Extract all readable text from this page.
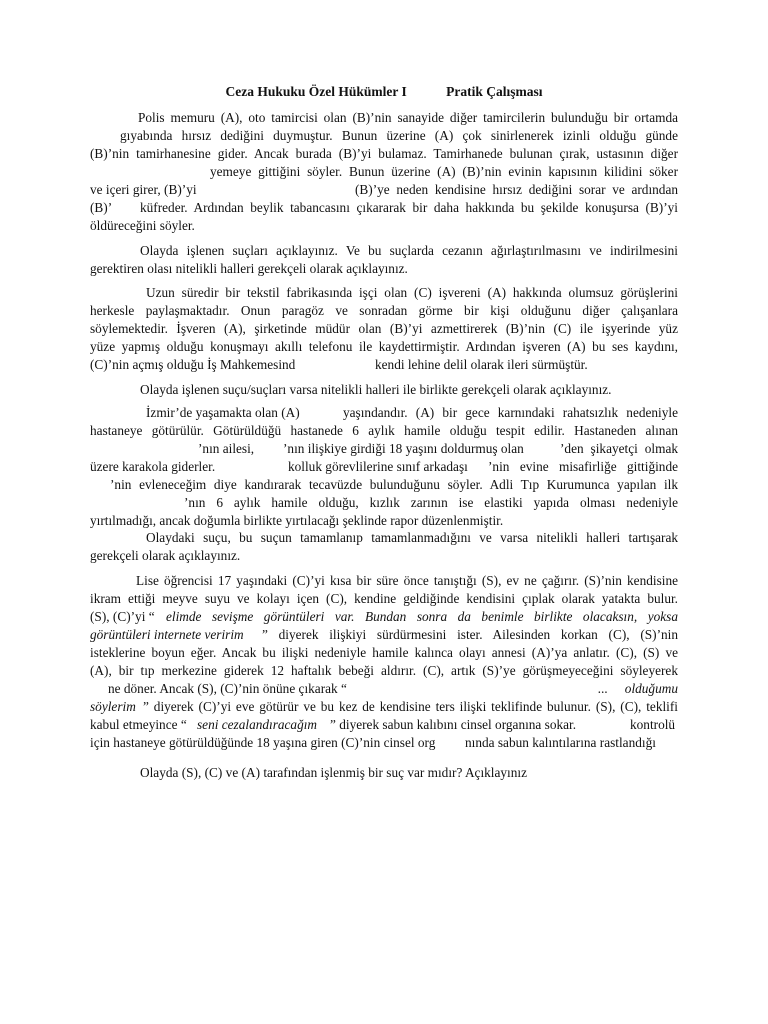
Ceza Hukuku Özel Hükümler I	Pratik Çalışması
Polis memuru (A), oto tamircisi olan (B)’nin sanayide diğer tamircilerin bulunduğu bir ortamda
gıyabında hırsız dediğini duymuştur. Bunun üzerine (A) çok sinirlenerek izinli olduğu günde
(B)’nin tamirhanesine gider. Ancak burada (B)’yi bulamaz. Tamirhanede bulunan çırak, ustasının diğer
yemeye gittiğini söyler. Bunun üzerine (A) (B)’nin evinin kapısının kilidini söker
ve içeri girer, (B)’yi	(B)’ye neden kendisine hırsız dediğini sorar ve ardından
(B)’ küfreder. Ardından beylik tabancasını çıkararak bir daha hakkında bu şekilde konuşursa (B)’yi
öldüreceğini söyler.
Olayda işlenen suçları açıklayınız. Ve bu suçlarda cezanın ağırlaştırılmasını ve indirilmesini
gerektiren olası nitelikli halleri gerekçeli olarak açıklayınız.
Uzun süredir bir tekstil fabrikasında işçi olan (C) işvereni (A) hakkında olumsuz görüşlerini
herkesle paylaşmaktadır. Onun paragöz ve sonradan görme bir kişi olduğunu diğer çalışanlara
söylemektedir. İşveren (A), şirketinde müdür olan (B)’yi azmettirerek (B)’nin (C) ile işyerinde yüz
yüze yapmış olduğu konuşmayı akıllı telefonu ile kaydettirmiştir. Ardından işveren (A) bu ses kaydını,
(C)’nin açmış olduğu İş Mahkemesind	kendi lehine delil olarak ileri sürmüştür.
Olayda işlenen suçu/suçları varsa nitelikli halleri ile birlikte gerekçeli olarak açıklayınız.
İzmir’de yaşamakta olan (A)	yaşındandır. (A) bir gece karnındaki rahatsızlık nedeniyle
hastaneye götürülür. Götürüldüğü hastanede 6 aylık hamile olduğu tespit edilir. Hastaneden alınan
’nın ailesi, ’nın ilişkiye girdiği 18 yaşını doldurmuş olan	’den şikayetçi olmak
üzere karakola giderler.	kolluk görevlilerine sınıf arkadaşı ’nin evine misafirliğe gittiğinde
’nin evleneceğim diye kandırarak tecavüzde bulunduğunu söyler. Adli Tıp Kurumunca yapılan ilk
’nın 6 aylık hamile olduğu, kızlık zarının ise elastiki yapıda olması nedeniyle
yırtılmadığı, ancak doğumla birlikte yırtılacağı şeklinde rapor düzenlenmiştir.
Olaydaki suçu, bu suçun tamamlanıp tamamlanmadığını ve varsa nitelikli halleri tartışarak
gerekçeli olarak açıklayınız.
Lise öğrencisi 17 yaşındaki (C)’yi kısa bir süre önce tanıştığı (S), ev ne çağırır. (S)’nin kendisine
ikram ettiği meyve suyu ve kolayı içen (C), kendine geldiğinde kendisini çıplak olarak yatakta bulur.
(S), (C)’yi “ elimde sevişme görüntüleri var. Bundan sonra da benimle birlikte olacaksın, yoksa
görüntüleri internete veririm ” diyerek ilişkiyi sürdürmesini ister. Ailesinden korkan (C), (S)’nin
isteklerine boyun eğer. Ancak bu ilişki nedeniyle hamile kalınca olayı annesi (A)’ya anlatır. (C), (S) ve
(A), bir tıp merkezine giderek 12 haftalık bebeği aldırır. (C), artık (S)’ye görüşmeyeceğini söyleyerek
ne döner. Ancak (S), (C)’nin önüne çıkarak “	... olduğumu
söylerim ” diyerek (C)’yi eve götürür ve bu kez de kendisine ters ilişki teklifinde bulunur. (S), (C), teklifi
kabul etmeyince “ seni cezalandıracağım ” diyerek sabun kalıbını cinsel organına sokar.	kontrolü
için hastaneye götürüldüğünde 18 yaşına giren (C)’nin cinsel org nında sabun kalıntılarına rastlandığı
Olayda (S), (C) ve (A) tarafından işlenmiş bir suç var mıdır? Açıklayınız
